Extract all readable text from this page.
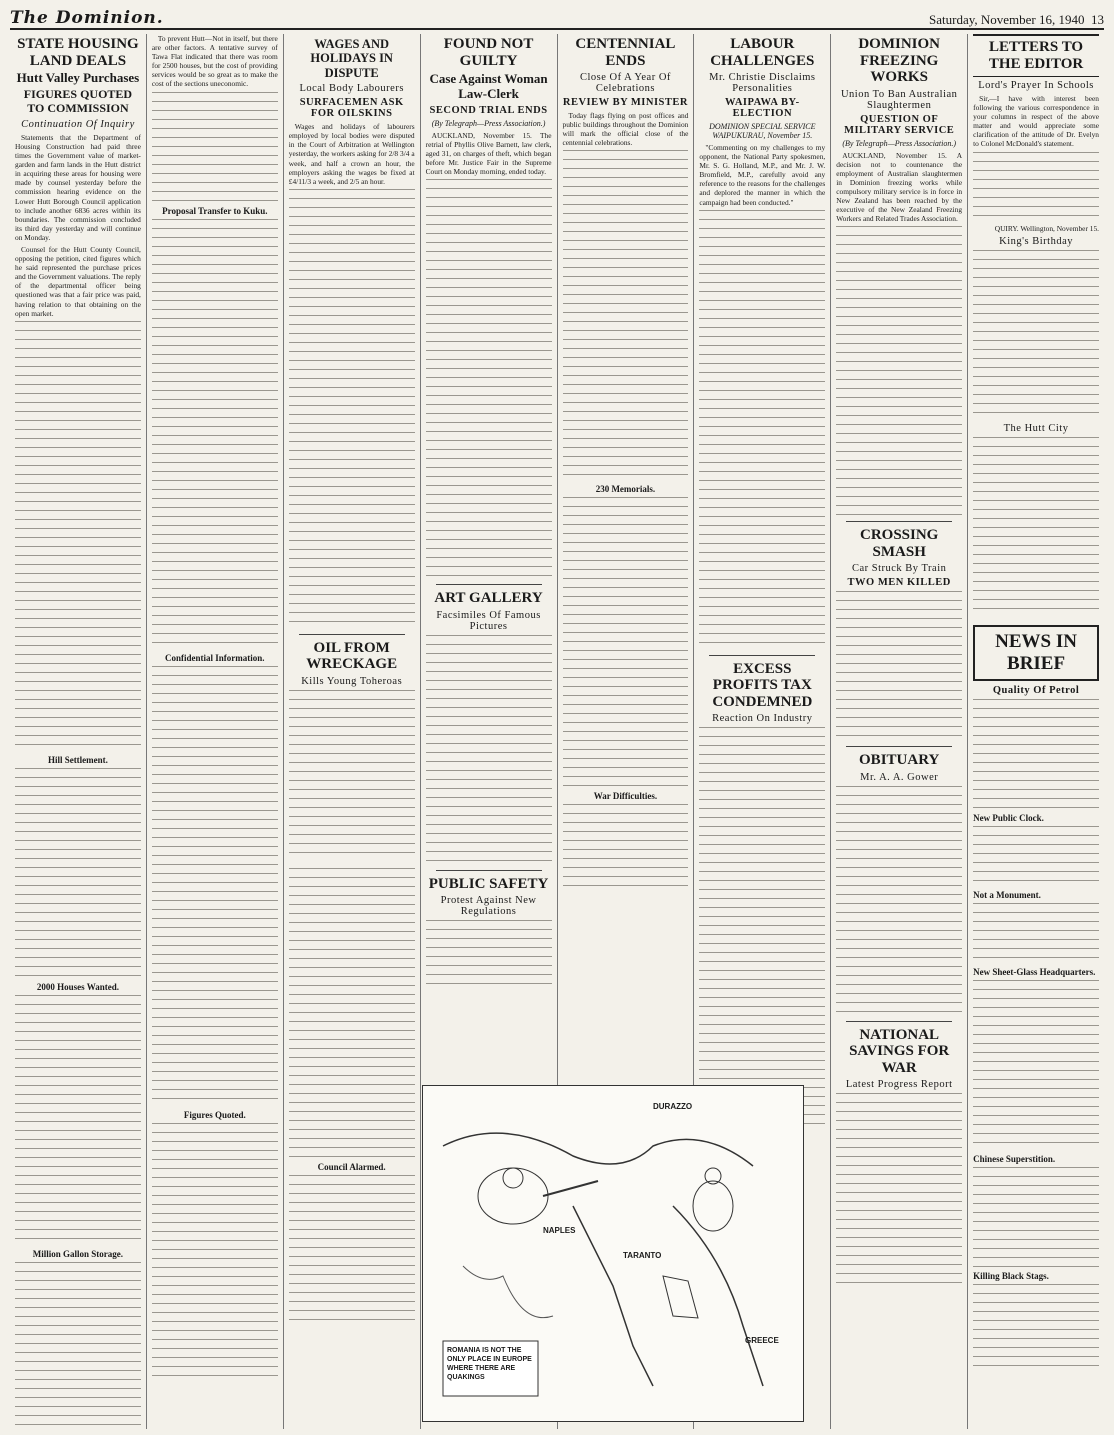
The Dominion.	Saturday, November 16, 1940 13
STATE HOUSING LAND DEALS
Hutt Valley Purchases
FIGURES QUOTED TO COMMISSION
Continuation Of Inquiry

Statements that the Department of Housing Construction had paid three times the Government value of market-garden and farm lands in the Hutt district in acquiring these areas for housing were made by counsel yesterday before the commission hearing evidence on the Lower Hutt Borough Council application to include another 6836 acres within its boundaries. The commission concluded its third day yesterday and will continue on Monday.

Counsel for the Hutt County Council, opposing the petition, cited figures which he said represented the purchase prices and the Government valuations. The reply of the departmental officer being questioned was that a fair price was paid, having relation to that obtaining on the open market.

Hill Settlement.
2000 Houses Wanted.
Million Gallon Storage.

To prevent Hutt—Not in itself, but there are other factors. A tentative survey of Tawa Flat indicated that there was room for 2500 houses, but the cost of providing services would be so great as to make the cost of the sections uneconomic.

Proposal Transfer to Kuku.
Confidential Information.
Figures Quoted.
WAGES AND HOLIDAYS IN DISPUTE
Local Body Labourers
SURFACEMEN ASK FOR OILSKINS

Wages and holidays of labourers employed by local bodies were disputed in the Court of Arbitration at Wellington yesterday, the workers asking for 2/8 3/4 a week, and half a crown an hour, the employers asking the wages be fixed at £4/11/3 a week, and 2/5 an hour.

OIL FROM WRECKAGE
Kills Young Toheroas
Council Alarmed.
FOUND NOT GUILTY
Case Against Woman Law-Clerk
SECOND TRIAL ENDS
(By Telegraph—Press Association.)

AUCKLAND, November 15. The retrial of Phyllis Olive Barnett, law clerk, aged 31, on charges of theft, which began before Mr. Justice Fair in the Supreme Court on Monday morning, ended today.

ART GALLERY
Facsimiles Of Famous Pictures
PUBLIC SAFETY
Protest Against New Regulations
CENTENNIAL ENDS
Close Of A Year Of Celebrations
REVIEW BY MINISTER

Today flags flying on post offices and public buildings throughout the Dominion will mark the official close of the centennial celebrations.

230 Memorials.
War Difficulties.
LABOUR CHALLENGES
Mr. Christie Disclaims Personalities
WAIPAWA BY-ELECTION
DOMINION SPECIAL SERVICE WAIPUKURAU, November 15.

"Commenting on my challenges to my opponent, the National Party spokesmen, Mr. S. G. Holland, M.P., and Mr. J. W. Bromfield, M.P., carefully avoid any reference to the reasons for the challenges and deplored the manner in which the campaign had been conducted."

EXCESS PROFITS TAX CONDEMNED
Reaction On Industry
DOMINION FREEZING WORKS
Union To Ban Australian Slaughtermen
QUESTION OF MILITARY SERVICE
(By Telegraph—Press Association.)

AUCKLAND, November 15. A decision not to countenance the employment of Australian slaughtermen in Dominion freezing works while compulsory military service is in force in New Zealand has been reached by the executive of the New Zealand Freezing Workers and Related Trades Association.

CROSSING SMASH
Car Struck By Train
TWO MEN KILLED
OBITUARY
Mr. A. A. Gower
NATIONAL SAVINGS FOR WAR
Latest Progress Report
LETTERS TO THE EDITOR
Lord's Prayer In Schools

Sir,—I have with interest been following the various correspondence in your columns in respect of the above matter and would appreciate some clarification of the attitude of Dr. Evelyn to Colonel McDonald's statement.

QUIRY. Wellington, November 15.
King's Birthday
The Hutt City
NEWS IN BRIEF
Quality Of Petrol
New Public Clock.
Not a Monument.
New Sheet-Glass Headquarters.
Chinese Superstition.
Killing Black Stags.
DURAZZO
TARANTO
NAPLES
GREECE
ROMANIA IS NOT THE ONLY PLACE IN EUROPE WHERE THERE ARE QUAKINGS
